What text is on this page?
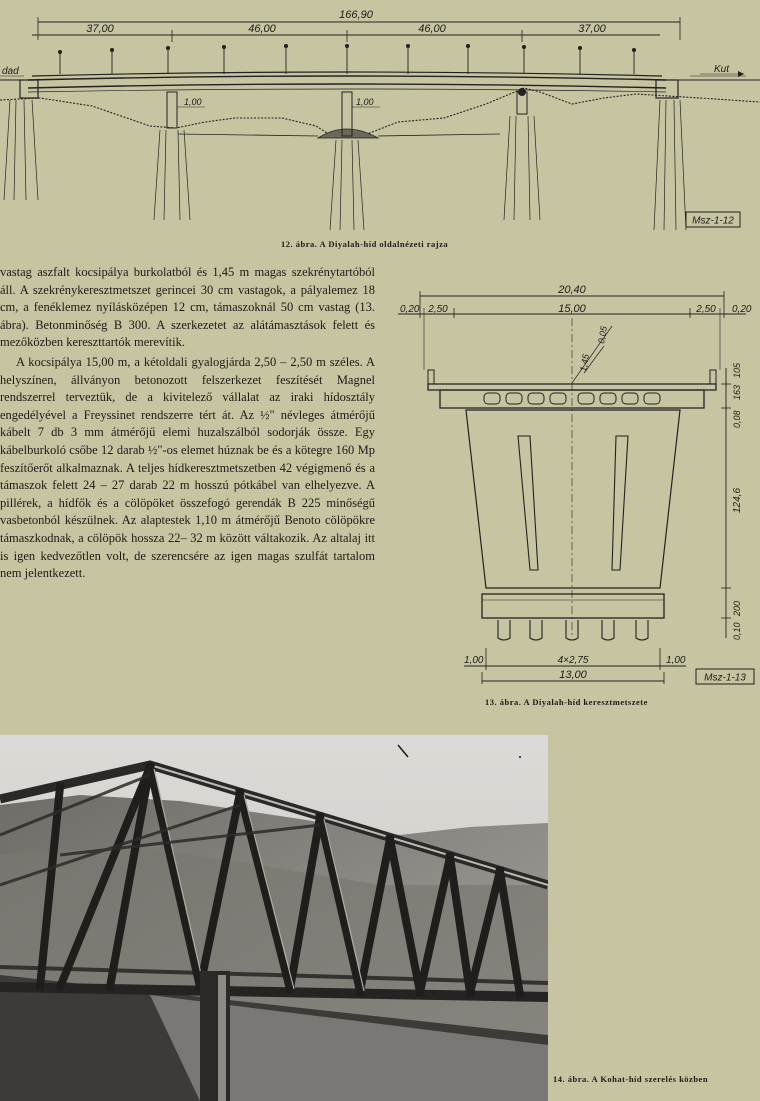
166,90
37,00	46,00	46,00	37,00
dad	Kut
1,00	1,00
Msz-1-12
12. ábra. A Diyalah-híd oldalnézeti rajza

vastag aszfalt kocsipálya burkolatból és 1,45 m magas szekrénytartóból áll. A szekrénykeresztmetszet gerincei 30 cm vastagok, a pályalemez 18 cm, a fenéklemez nyílásközépen 12 cm, támaszoknál 50 cm vastag (13. ábra). Betonminőség B 300. A szerkezetet az alátámasztások felett és mezőközben kereszttartók merevítik.

A kocsipálya 15,00 m, a kétoldali gyalogjárda 2,50 – 2,50 m széles. A helyszínen, állványon betonozott felszerkezet feszítését Magnel rendszerrel terveztük, de a kivitelező vállalat az iraki hídosztály engedélyével a Freyssinet rendszerre tért át. Az ½" névleges átmérőjű kábelt 7 db 3 mm átmérőjű elemi huzalszálból sodorják össze. Egy kábelburkoló csőbe 12 darab ½"-os elemet húznak be és a kötegre 160 Mp feszítőerőt alkalmaznak. A teljes hídkeresztmetszetben 42 végigmenő és a támaszok felett 24 – 27 darab 22 m hosszú pótkábel van elhelyezve. A pillérek, a hídfők és a cölöpöket összefogó gerendák B 225 minőségű vasbetonból készülnek. Az alaptestek 1,10 m átmérőjű Benoto cölöpökre támaszkodnak, a cölöpök hossza 22– 32 m között váltakozik. Az altalaj itt is igen kedvezőtlen volt, de szerencsére az igen magas szulfát tartalom nem jelentkezett.

20,40
0,20 2,50	15,00	2,50 0,20
0,05
1,45
0,08
163
105
124,6
0,10
200
1,00	4×2,75	1,00
13,00	Msz-1-13
13. ábra. A Diyalah-híd keresztmetszete
14. ábra. A Kohat-híd szerelés közben
